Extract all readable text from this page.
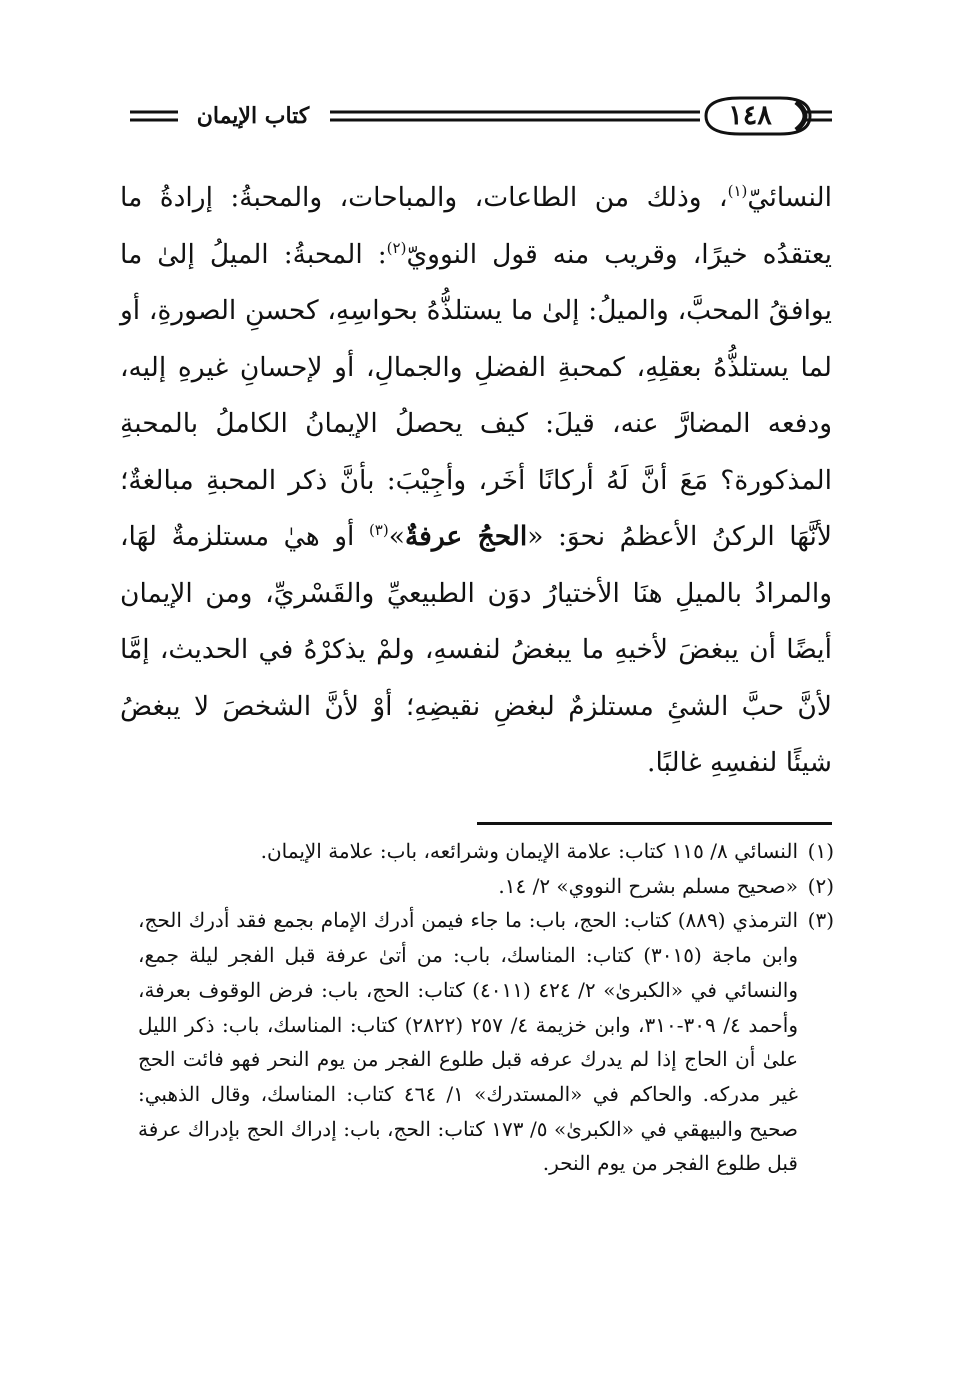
كتاب الإيمان	١٤٨

النسائيّ$^{(١)}$، وذلك من الطاعات، والمباحات، والمحبةُ: إرادةُ ما يعتقدُه خيرًا، وقريب منه قول النوويّ$^{(٢)}$: المحبةُ: الميلُ إلىٰ ما يوافقُ المحبَّ، والميلُ: إلىٰ ما يستلذُّهُ بحواسِهِ، كحسنِ الصورةِ، أو لما يستلذُّهُ بعقلِهِ، كمحبةِ الفضلِ والجمالِ، أو لإحسانِ غيرهِ إليه، ودفعه المضارَّ عنه، قيلَ: كيف يحصلُ الإيمانُ الكاملُ بالمحبةِ المذكورة؟ مَعَ أنَّ لَهُ أركانًا أخَر، وأجِيْبَ: بأنَّ ذكر المحبةِ مبالغةٌ؛ لأنَّهَا الركنُ الأعظمُ نحوَ: «الحجُ عرفةٌ»$^{(٣)}$ أو هيٰ مستلزمةٌ لهَا، والمرادُ بالميلِ هنَا الأختيارُ دوَن الطبيعيِّ والقَسْريِّ، ومن الإيمان أيضًا أن يبغضَ لأخيهِ ما يبغضُ لنفسهِ، ولمْ يذكرْهُ في الحديث، إمَّا لأنَّ حبَّ الشئِ مستلزمٌ لبغضِ نقيضِهِ؛ أوْ لأنَّ الشخصَ لا يبغضُ شيئًا لنفسِهِ غالبًا.

(١)
النسائي ٨/ ١١٥ كتاب: علامة الإيمان وشرائعه، باب: علامة الإيمان.
(٢)
«صحيح مسلم بشرح النووي» ٢/ ١٤.
(٣)
الترمذي (٨٨٩) كتاب: الحج، باب: ما جاء فيمن أدرك الإمام بجمع فقد أدرك الحج، وابن ماجة (٣٠١٥) كتاب: المناسك، باب: من أتىٰ عرفة قبل الفجر ليلة جمع، والنسائي في «الكبرىٰ» ٢/ ٤٢٤ (٤٠١١) كتاب: الحج، باب: فرض الوقوف بعرفة، وأحمد ٤/ ٣٠٩-٣١٠، وابن خزيمة ٤/ ٢٥٧ (٢٨٢٢) كتاب: المناسك، باب: ذكر الليل علىٰ أن الحاج إذا لم يدرك عرفه قبل طلوع الفجر من يوم النحر فهو فائت الحج غير مدركه. والحاكم في «المستدرك» ١/ ٤٦٤ كتاب: المناسك، وقال الذهبي: صحيح والبيهقي في «الكبرىٰ» ٥/ ١٧٣ كتاب: الحج، باب: إدراك الحج بإدراك عرفة قبل طلوع الفجر من يوم النحر.
